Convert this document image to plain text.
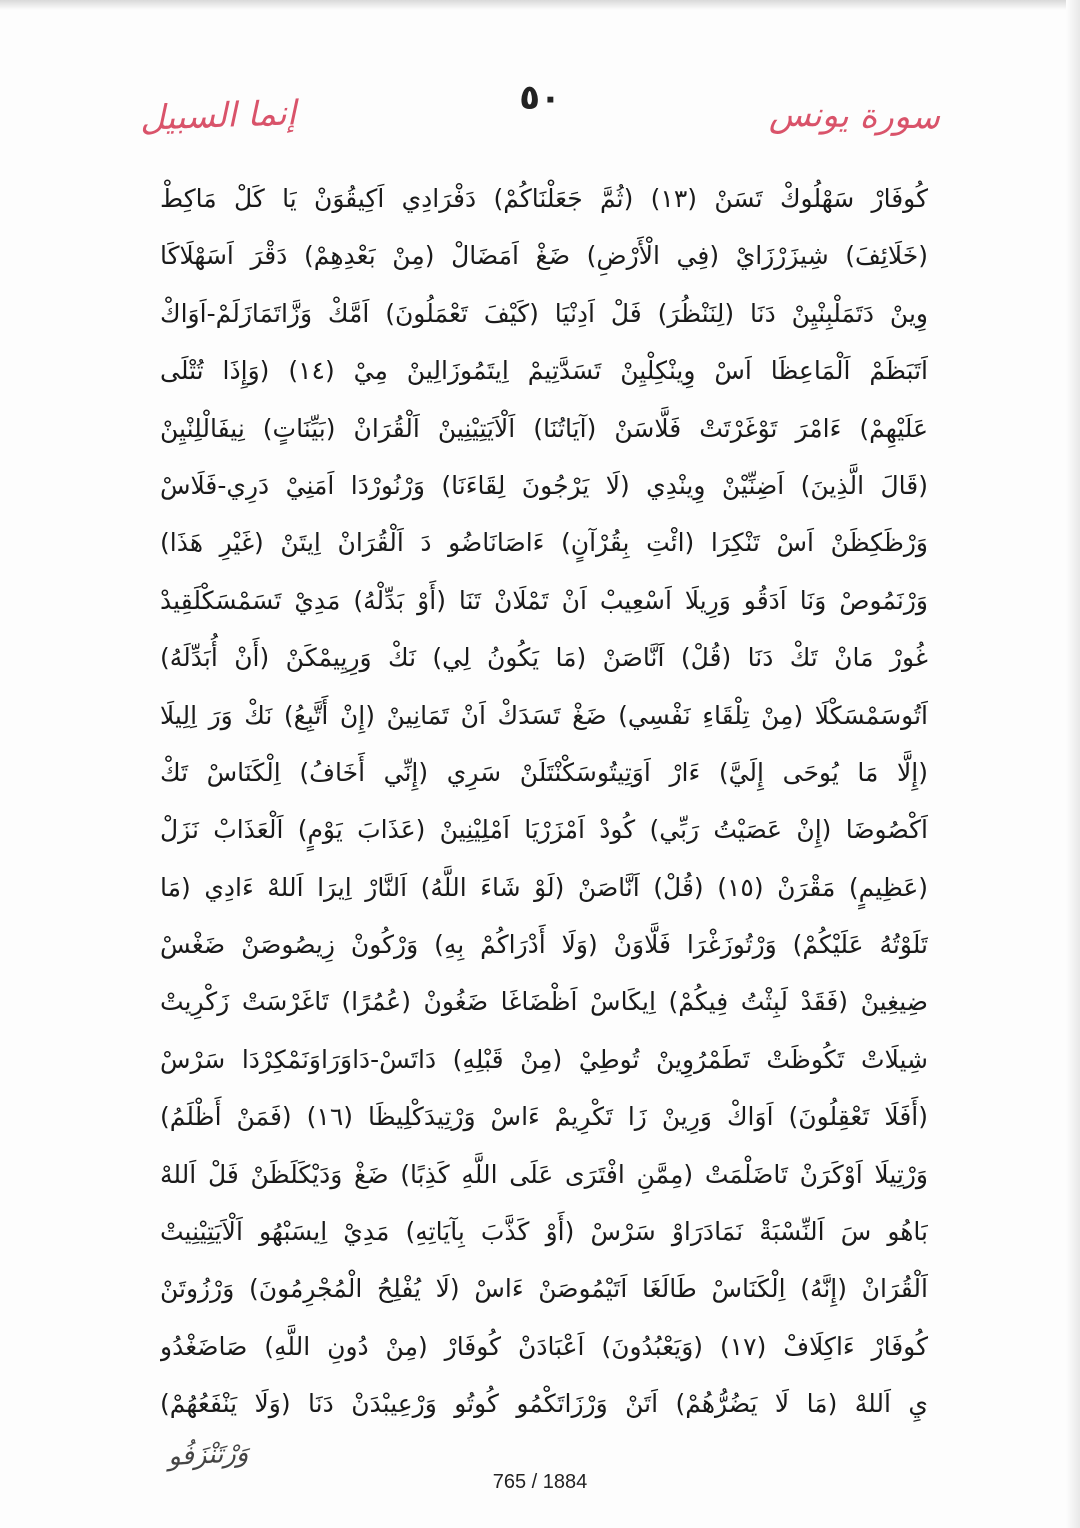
إنما السبيل	٥٠	سورة يونس
كُوفَارْ سَهْلُوكْ تَسَنْ (١٣) (ثُمَّ جَعَلْنَاكُمْ) دَفْرَادِي اَكِيقُوَنْ يَا كَلْ مَاكِطْ
(خَلَائِفَ) شِيزَرْزَايْ (فِي الْأَرْضِ) ضَغْ اَمَضَالْ (مِنْ بَعْدِهِمْ) دَقْرَ اَسَهْلَاكَا
وِينْ دَتَمَلْبِنْيِنْ دَنَا (لِنَنْظُرَ) فَلْ اَدِنْيَا (كَيْفَ تَعْمَلُونَ) اَمَّكْ وَزَّاتَمَازَلَمْ-اَوَاكْ
اَتَبَظَمْ اَلْمَاعِظَا اَسْ وِينْكِلْيِنْ تَسَدَّتِيمْ اِيتَمُوزَالِينْ مِيْ (١٤) (وَإِذَا تُتْلَى
عَلَيْهِمْ) ءَامْرَ تَوْغَرْتَتْ فَلَّاسَنْ (آيَاتُنَا) اَلْاَيَتِيْنِينْ اَلْقُرَانْ (بَيِّنَاتٍ) نِيفَالْلِنْيِنْ
(قَالَ الَّذِينَ) اَضِنِّيْنْ وِينْدِي (لَا يَرْجُونَ لِقَاءَنَا) وَرْنُورْدَا اَمَنِيْ دَرِي-فَلَاسْ
وَرْظَكِظَنْ اَسْ تَنْكِرَا (ائْتِ بِقُرْآنٍ) ءَاصَانَاضُو دَ اَلْقُرَانْ اِيتَنْ (غَيْرِ هَذَا)
وَرْنَمُوصْ وَنَا اَدَقُو وَرِيلَا اَسْعِيبْ اَنْ تَمْلَانْ تَنَا (أَوْ بَدِّلْهُ) مَدِيْ تَسَمْسَكْلَقِيدْ
غُورْ مَانْ تَكْ دَنَا (قُلْ) اَنَّاصَنْ (مَا يَكُونُ لِي) نَكْ وَرِيِيمْكَنْ (أَنْ أُبَدِّلَهُ)
اَتُوسَمْسَكْلَا (مِنْ تِلْقَاءِ نَفْسِي) ضَغْ تَسَدَكْ اَنْ تَمَانِينْ (إِنْ أَتَّبِعُ) نَكْ وَرَ اِلِيلَا
(إِلَّا مَا يُوحَى إِلَيَّ) ءَارْ اَوَتِيتُوسَكْنْتَلَنْ سَرِي (إِنِّي أَخَافُ) اِلْكَنَاسْ تَكْ
اَكْصُوضَا (إِنْ عَصَيْتُ رَبِّي) كُودْ اَمْزَرْيَا اَمْلِيْنِينْ (عَذَابَ يَوْمٍ) اَلْعَذَابْ نَزَلْ
(عَظِيمٍ) مَقْرَنْ (١٥) (قُلْ) اَنَّاصَنْ (لَوْ شَاءَ اللَّهُ) اَلنَّارْ اِيرَا اَللهْ ءَادِي (مَا
تَلَوْتُهُ عَلَيْكُمْ) وَرْتُوزَغْرَا فَلَّاوَنْ (وَلَا أَدْرَاكُمْ بِهِ) وَرْكُونْ زِيصُوصَنْ ضَغْسْ
ضِيغِينْ (فَقَدْ لَبِثْتُ فِيكُمْ) اِيكَاسْ اَظْضَاغَا ضَغُونْ (عُمُرًا) تَاغَرْسَتْ زَكْرِيتْ
شِيلَاتْ تَكُوظَتْ تَطَمْرُوِينْ تُوطِيْ (مِنْ قَبْلِهِ) دَاتَسْ-دَاوَرَاوَنَمْكِرْدَا سَرْسْ
(أَفَلَا تَعْقِلُونَ) اَوَاكْ وَرِينْ زَا تَكْرِيمْ ءَاسْ وَرْتِيدَكْلِيظَا (١٦) (فَمَنْ أَظْلَمُ)
وَرْتِيلَا اَوْكَرَنْ تَاضَلْمَتْ (مِمَّنِ افْتَرَى عَلَى اللَّهِ كَذِبًا) ضَغْ وَدَيْكَلَظَنْ فَلْ اَللهْ
بَاهُو سَ اَلنِّسْبَةْ نَمَادَرَاوْ سَرْسْ (أَوْ كَذَّبَ بِآيَاتِهِ) مَدِيْ اِيسَبْهُو اَلْاَيَتِيْنِيتْ
اَلْقُرَانْ (إِنَّهُ) اِلْكَنَاسْ طَالَغَا اَتَيْمُوصَنْ ءَاسْ (لَا يُفْلِحُ الْمُجْرِمُونَ) وَرْزُوتَنْ
كُوفَارْ ءَاكِلَافْ (١٧) (وَيَعْبُدُونَ) اَعْبَادَنْ كُوفَارْ (مِنْ دُونِ اللَّهِ) صَاضَغْدُو
يِ اَللهْ (مَا لَا يَضُرُّهُمْ) اَتَنْ وَرْزَاتَكْمُو كُوتُو وَرْعِيبْدَنْ دَنَا (وَلَا يَنْفَعُهُمْ)
وَرْتَنْزَفُو
765 / 1884
